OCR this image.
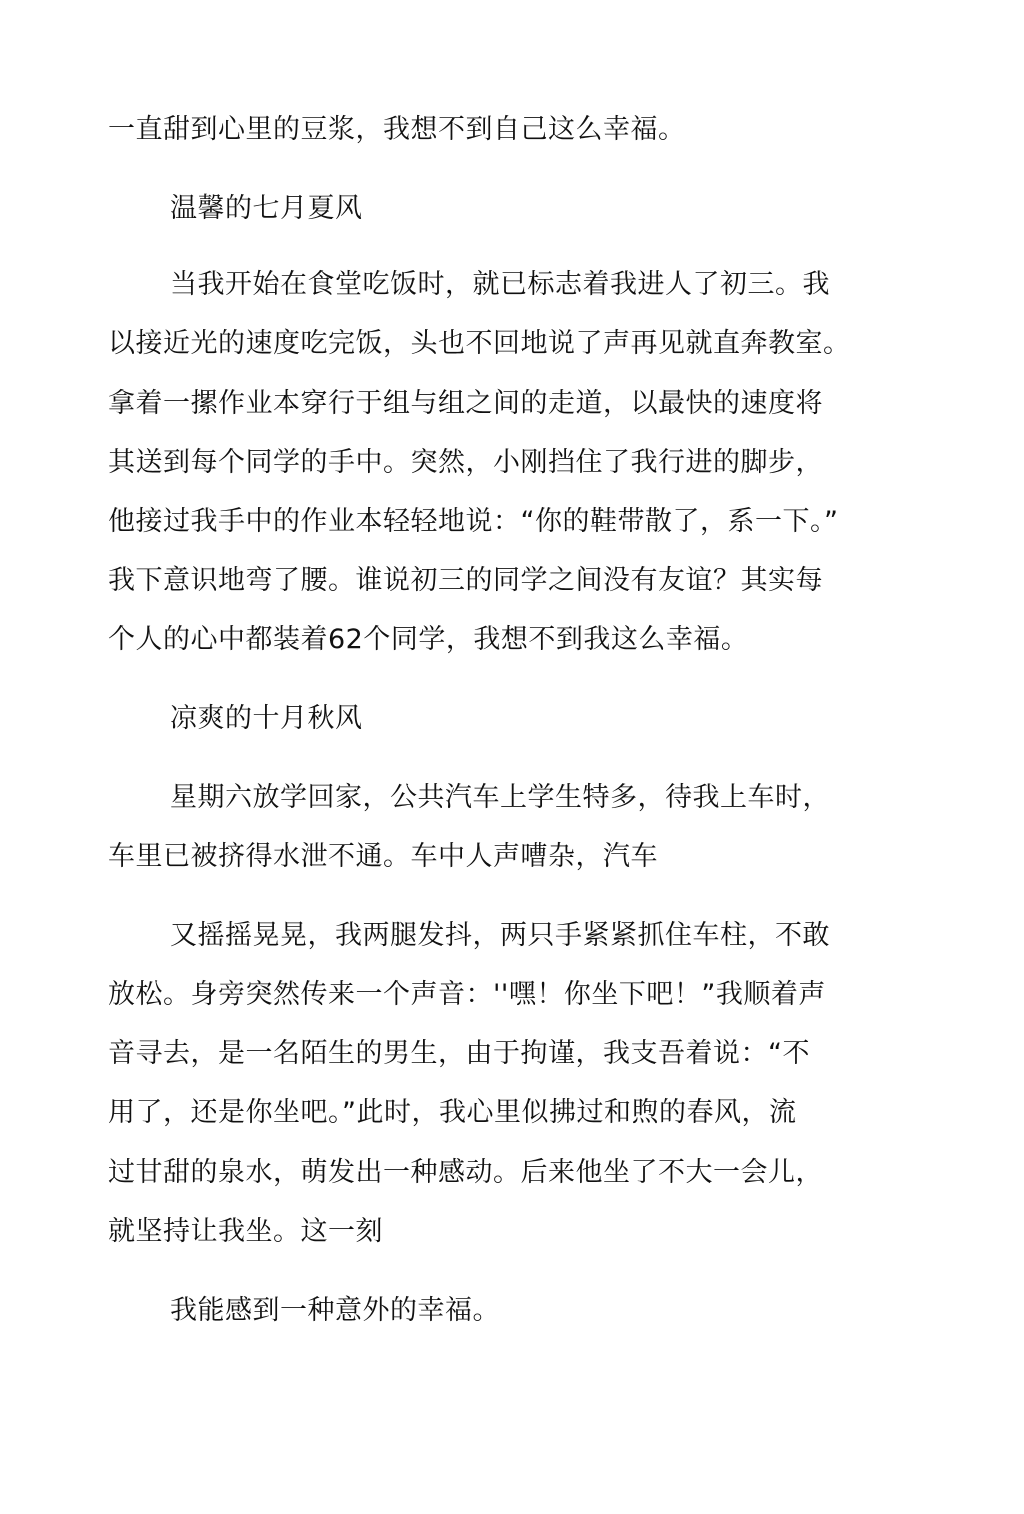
一直甜到心里的豆浆，我想不到自己这么幸福。

温馨的七月夏风

当我开始在食堂吃饭时，就已标志着我进人了初三。我

以接近光的速度吃完饭，头也不回地说了声再见就直奔教室。

拿着一摞作业本穿行于组与组之间的走道，以最快的速度将

其送到每个同学的手中。突然，小刚挡住了我行进的脚步，

他接过我手中的作业本轻轻地说：“你的鞋带散了，系一下。”

我下意识地弯了腰。谁说初三的同学之间没有友谊？其实每

个人的心中都装着62个同学，我想不到我这么幸福。

凉爽的十月秋风

星期六放学回家，公共汽车上学生特多，待我上车时，

车里已被挤得水泄不通。车中人声嘈杂，汽车

又摇摇晃晃，我两腿发抖，两只手紧紧抓住车柱，不敢

放松。身旁突然传来一个声音：''嘿！你坐下吧！”我顺着声

音寻去，是一名陌生的男生，由于拘谨，我支吾着说：“不

用了，还是你坐吧。”此时，我心里似拂过和煦的春风，流

过甘甜的泉水，萌发出一种感动。后来他坐了不大一会儿，

就坚持让我坐。这一刻

我能感到一种意外的幸福。
